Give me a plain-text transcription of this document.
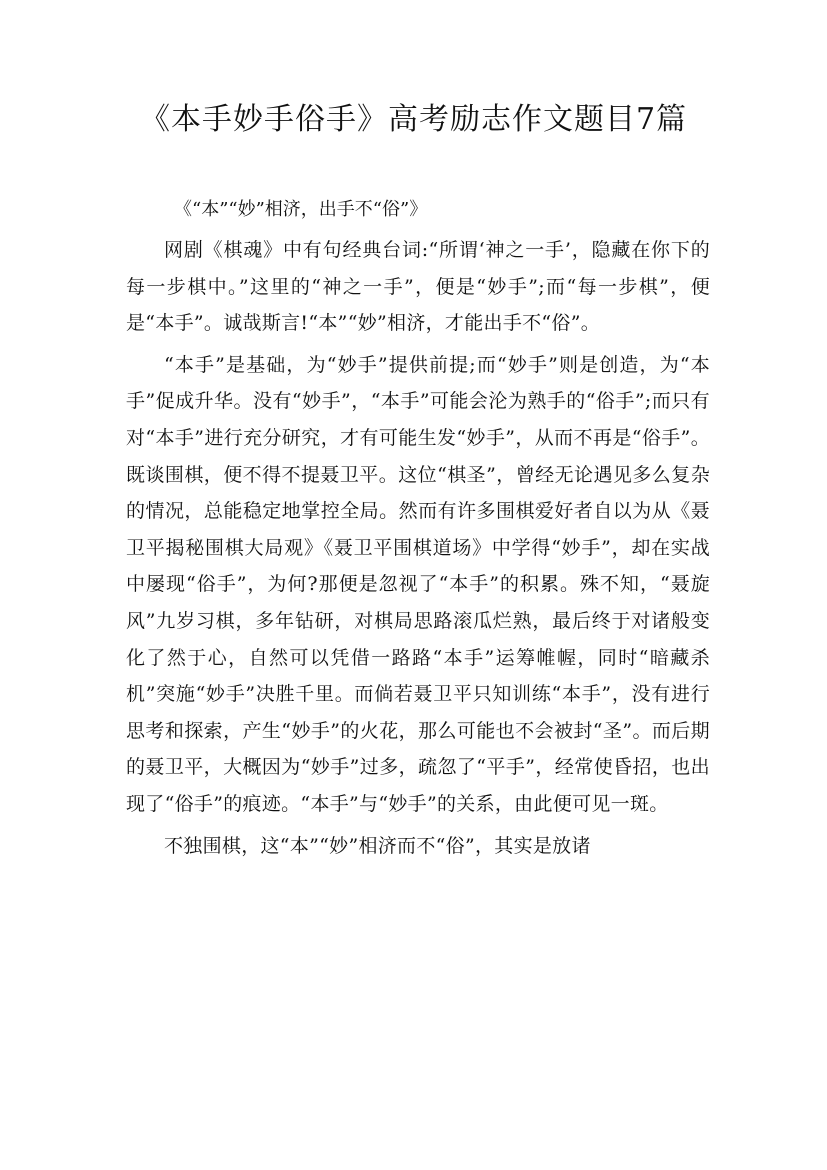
《本手妙手俗手》高考励志作文题目7篇
《“本”“妙”相济，出手不“俗”》

网剧《棋魂》中有句经典台词:“所谓‘神之一手’，隐藏在你下的每一步棋中。”这里的“神之一手”，便是“妙手”;而“每一步棋”，便是“本手”。诚哉斯言!“本”“妙”相济，才能出手不“俗”。

“本手”是基础，为“妙手”提供前提;而“妙手”则是创造，为“本手”促成升华。没有“妙手”，“本手”可能会沦为熟手的“俗手”;而只有对“本手”进行充分研究，才有可能生发“妙手”，从而不再是“俗手”。既谈围棋，便不得不提聂卫平。这位“棋圣”，曾经无论遇见多么复杂的情况，总能稳定地掌控全局。然而有许多围棋爱好者自以为从《聂卫平揭秘围棋大局观》《聂卫平围棋道场》中学得“妙手”，却在实战中屡现“俗手”，为何?那便是忽视了“本手”的积累。殊不知，“聂旋风”九岁习棋，多年钻研，对棋局思路滚瓜烂熟，最后终于对诸般变化了然于心，自然可以凭借一路路“本手”运筹帷幄，同时“暗藏杀机”突施“妙手”决胜千里。而倘若聂卫平只知训练“本手”，没有进行思考和探索，产生“妙手”的火花，那么可能也不会被封“圣”。而后期的聂卫平，大概因为“妙手”过多，疏忽了“平手”，经常使昏招，也出现了“俗手”的痕迹。“本手”与“妙手”的关系，由此便可见一斑。

不独围棋，这“本”“妙”相济而不“俗”，其实是放诸
